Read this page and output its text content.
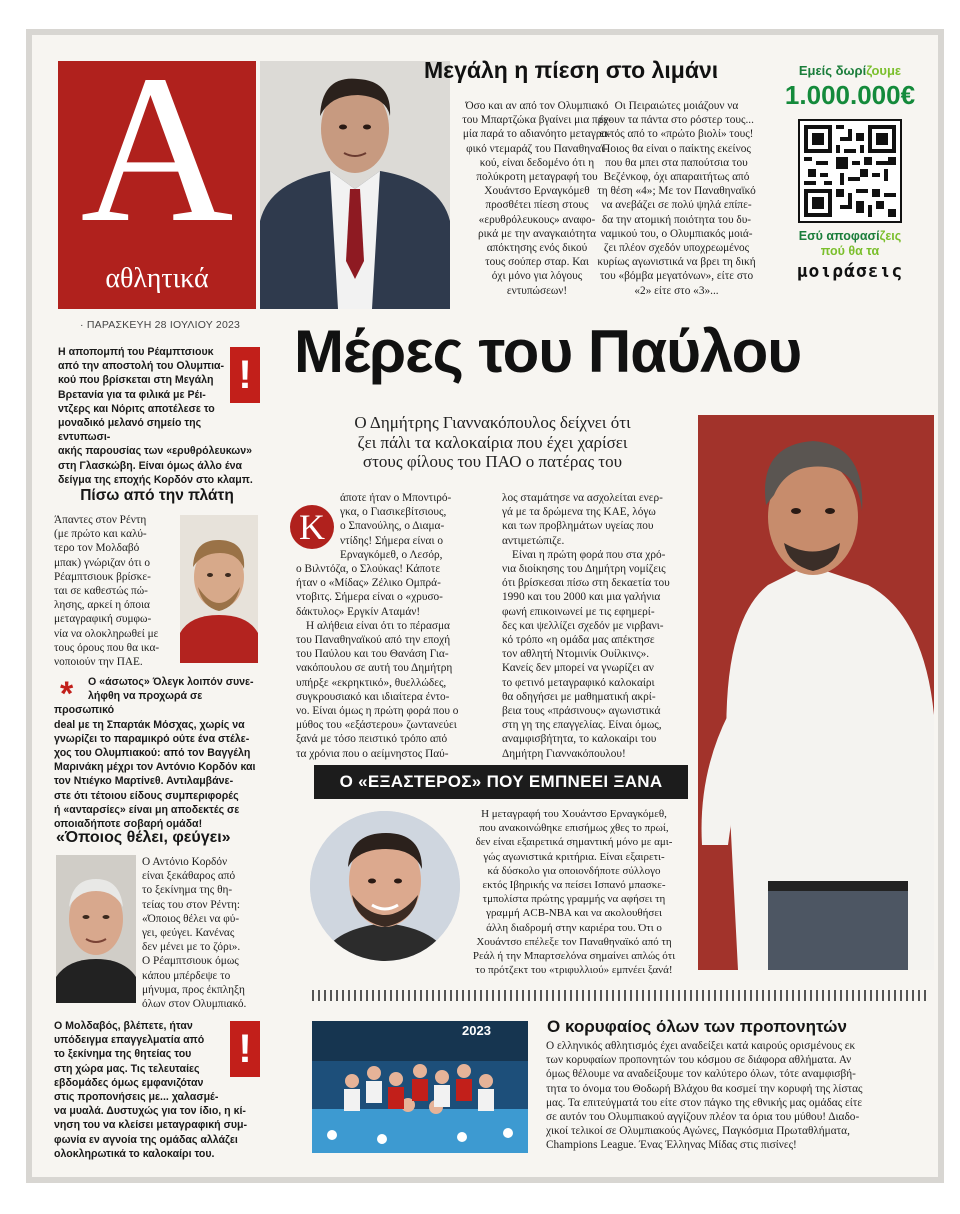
Α
αθλητικά
· ΠΑΡΑΣΚΕΥΗ 28 ΙΟΥΛΙΟΥ 2023
Μεγάλη η πίεση στο λιμάνι
Όσο και αν από τον Ολυμπιακό
του Μπαρτζώκα βγαίνει μια πρε-
μία παρά το αδιανόητο μεταγρα-
φικό ντεμαράζ του Παναθηναϊ-
κού, είναι δεδομένο ότι η
πολύκροτη μεταγραφή του
Χουάντσο Ερναγκόμεθ
προσθέτει πίεση στους
«ερυθρόλευκους» αναφο-
ρικά με την αναγκαιότητα
απόκτησης ενός δικού
τους σούπερ σταρ. Και
όχι μόνο για λόγους
εντυπώσεων!
Οι Πειραιώτες μοιάζουν να
έχουν τα πάντα στο ρόστερ τους...
εκτός από το «πρώτο βιολί» τους!
Ποιος θα είναι ο παίκτης εκείνος
που θα μπει στα παπούτσια του
Βεζένκοφ, όχι απαραιτήτως από
τη θέση «4»; Με τον Παναθηναϊκό
να ανεβάζει σε πολύ ψηλά επίπε-
δα την ατομική ποιότητα του δυ-
ναμικού του, ο Ολυμπιακός μοιά-
ζει πλέον σχεδόν υποχρεωμένος
κυρίως αγωνιστικά να βρει τη δική
του «βόμβα μεγατόνων», είτε στο
«2» είτε στο «3»...
Εμείς δωρίζουμε
1.000.000€
Εσύ αποφασίζεις
πού θα τα
μοιράσεις
Η αποπομπή του Ρέαμπτσιουκ
από την αποστολή του Ολυμπια-
κού που βρίσκεται στη Μεγάλη
Βρετανία για τα φιλικά με Ρέι-
ντζερς και Νόριτς αποτέλεσε το
μοναδικό μελανό σημείο της εντυπωσι-
ακής παρουσίας των «ερυθρόλευκων»
στη Γλασκώβη. Είναι όμως άλλο ένα
δείγμα της εποχής Κορδόν στο κλαμπ.
!
Πίσω από την πλάτη
Άπαντες στον Ρέντη
(με πρώτο και καλύ-
τερο τον Μολδαβό
μπακ) γνώριζαν ότι ο
Ρέαμπτσιουκ βρίσκε-
ται σε καθεστώς πώ-
λησης, αρκεί η όποια
μεταγραφική συμφω-
νία να ολοκληρωθεί με
τους όρους που θα ικα-
νοποιούν την ΠΑΕ.
*	Ο «άσωτος» Όλεγκ λοιπόν συνε-
λήφθη να προχωρά σε προσωπικό
deal με τη Σπαρτάκ Μόσχας, χωρίς να
γνωρίζει το παραμικρό ούτε ένα στέλε-
χος του Ολυμπιακού: από τον Βαγγέλη
Μαρινάκη μέχρι τον Αντόνιο Κορδόν και
τον Ντιέγκο Μαρτίνεθ. Αντιλαμβάνε-
στε ότι τέτοιου είδους συμπεριφορές
ή «ανταρσίες» είναι μη αποδεκτές σε
οποιαδήποτε σοβαρή ομάδα!
«Όποιος θέλει, φεύγει»
Ο Αντόνιο Κορδόν
είναι ξεκάθαρος από
το ξεκίνημα της θη-
τείας του στον Ρέντη:
«Όποιος θέλει να φύ-
γει, φεύγει. Κανένας
δεν μένει με το ζόρι».
Ο Ρέαμπτσιουκ όμως
κάπου μπέρδεψε το
μήνυμα, προς έκπληξη
όλων στον Ολυμπιακό.
Ο Μολδαβός, βλέπετε, ήταν
υπόδειγμα επαγγελματία από
το ξεκίνημα της θητείας του
στη χώρα μας. Τις τελευταίες
εβδομάδες όμως εμφανιζόταν
στις προπονήσεις με... χαλασμέ-
να μυαλά. Δυστυχώς για τον ίδιο, η κί-
νηση του να κλείσει μεταγραφική συμ-
φωνία εν αγνοία της ομάδας αλλάζει
ολοκληρωτικά το καλοκαίρι του.
!
Μέρες του Παύλου
Ο Δημήτρης Γιαννακόπουλος δείχνει ότι
ζει πάλι τα καλοκαίρια που έχει χαρίσει
στους φίλους του ΠΑΟ ο πατέρας του
Κ
άποτε ήταν ο Μποντιρό-
γκα, ο Γιασικεβίτσιους,
ο Σπανούλης, ο Διαμα-
ντίδης! Σήμερα είναι ο
Ερναγκόμεθ, ο Λεσόρ,
ο Βιλντόζα, ο Σλούκας! Κάποτε
ήταν ο «Μίδας» Ζέλικο Ομπρά-
ντοβιτς. Σήμερα είναι ο «χρυσο-
δάκτυλος» Εργκίν Αταμάν!
Η αλήθεια είναι ότι το πέρασμα
του Παναθηναϊκού από την εποχή
του Παύλου και του Θανάση Για-
νακόπουλου σε αυτή του Δημήτρη
υπήρξε «εκρηκτικό», θυελλώδες,
συγκρουσιακό και ιδιαίτερα έντο-
νο. Είναι όμως η πρώτη φορά που ο
μύθος του «εξάστερου» ζωντανεύει
ξανά με τόσο πειστικό τρόπο από
τα χρόνια που ο αείμνηστος Παύ-
λος σταμάτησε να ασχολείται ενερ-
γά με τα δρώμενα της ΚΑΕ, λόγω
και των προβλημάτων υγείας που
αντιμετώπιζε.
Είναι η πρώτη φορά που στα χρό-
νια διοίκησης του Δημήτρη νομίζεις
ότι βρίσκεσαι πίσω στη δεκαετία του
1990 και του 2000 και μια γαλήνια
φωνή επικοινωνεί με τις εφημερί-
δες και ψελλίζει σχεδόν με νιρβανι-
κό τρόπο «η ομάδα μας απέκτησε
τον αθλητή Ντομινίκ Ουίλκινς».
Κανείς δεν μπορεί να γνωρίζει αν
το φετινό μεταγραφικό καλοκαίρι
θα οδηγήσει με μαθηματική ακρί-
βεια τους «πράσινους» αγωνιστικά
στη γη της επαγγελίας. Είναι όμως,
αναμφισβήτητα, το καλοκαίρι του
Δημήτρη Γιαννακόπουλου!
Ο «ΕΞΑΣΤΕΡΟΣ» ΠΟΥ ΕΜΠΝΕΕΙ ΞΑΝΑ
Η μεταγραφή του Χουάντσο Ερναγκόμεθ,
που ανακοινώθηκε επισήμως χθες το πρωί,
δεν είναι εξαιρετικά σημαντική μόνο με αμι-
γώς αγωνιστικά κριτήρια. Είναι εξαιρετι-
κά δύσκολο για οποιονδήποτε σύλλογο
εκτός Ιβηρικής να πείσει Ισπανό μπασκε-
τμπολίστα πρώτης γραμμής να αφήσει τη
γραμμή ACB-NBA και να ακολουθήσει
άλλη διαδρομή στην καριέρα του. Ότι ο
Χουάντσο επέλεξε τον Παναθηναϊκό από τη
Ρεάλ ή την Μπαρτσελόνα σημαίνει απλώς ότι
το πρότζεκτ του «τριφυλλιού» εμπνέει ξανά!
2023	Ο κορυφαίος όλων των προπονητών
Ο ελληνικός αθλητισμός έχει αναδείξει κατά καιρούς ορισμένους εκ
των κορυφαίων προπονητών του κόσμου σε διάφορα αθλήματα. Αν
όμως θέλουμε να αναδείξουμε τον καλύτερο όλων, τότε αναμφισβή-
τητα το όνομα του Θοδωρή Βλάχου θα κοσμεί την κορυφή της λίστας
μας. Τα επιτεύγματά του είτε στον πάγκο της εθνικής μας ομάδας είτε
σε αυτόν του Ολυμπιακού αγγίζουν πλέον τα όρια του μύθου! Διαδο-
χικοί τελικοί σε Ολυμπιακούς Αγώνες, Παγκόσμια Πρωταθλήματα,
Champions League. Ένας Έλληνας Μίδας στις πισίνες!
